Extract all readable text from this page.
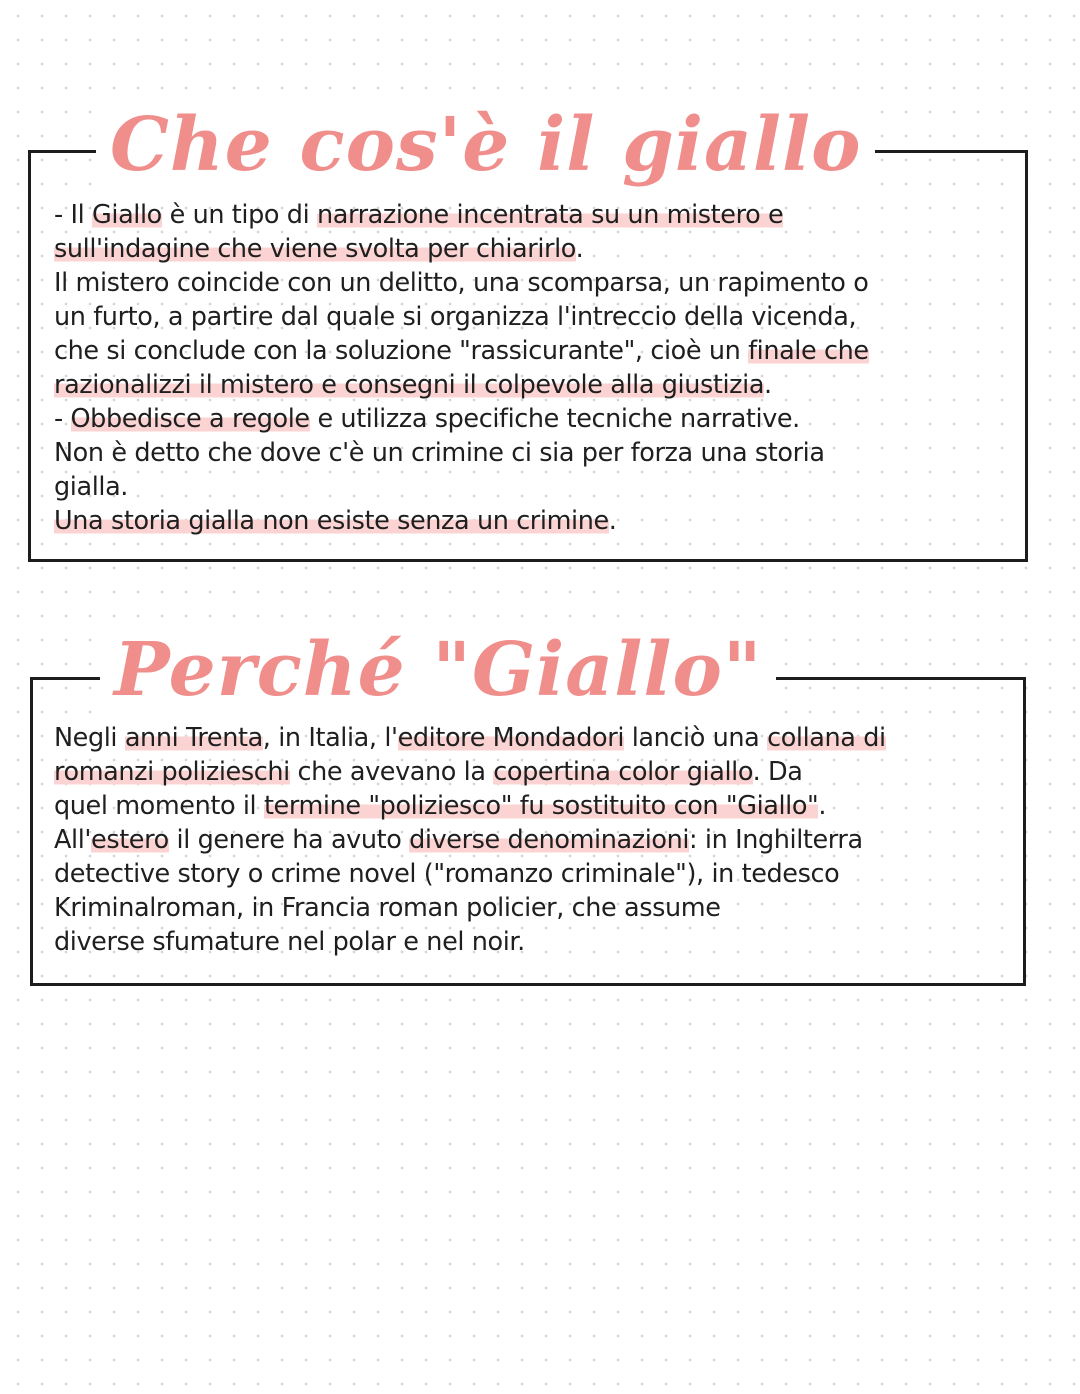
Che cos'è il giallo
- Il Giallo è un tipo di narrazione incentrata su un mistero e
sull'indagine che viene svolta per chiarirlo.
Il mistero coincide con un delitto, una scomparsa, un rapimento o
un furto, a partire dal quale si organizza l'intreccio della vicenda,
che si conclude con la soluzione "rassicurante", cioè un finale che
razionalizzi il mistero e consegni il colpevole alla giustizia.
- Obbedisce a regole e utilizza specifiche tecniche narrative.
Non è detto che dove c'è un crimine ci sia per forza una storia
gialla.
Una storia gialla non esiste senza un crimine.
Perché "Giallo"
Negli anni Trenta, in Italia, l'editore Mondadori lanciò una collana di
romanzi polizieschi che avevano la copertina color giallo. Da
quel momento il termine "poliziesco" fu sostituito con "Giallo".
All'estero il genere ha avuto diverse denominazioni: in Inghilterra
detective story o crime novel ("romanzo criminale"), in tedesco
Kriminalroman, in Francia roman policier, che assume
diverse sfumature nel polar e nel noir.
